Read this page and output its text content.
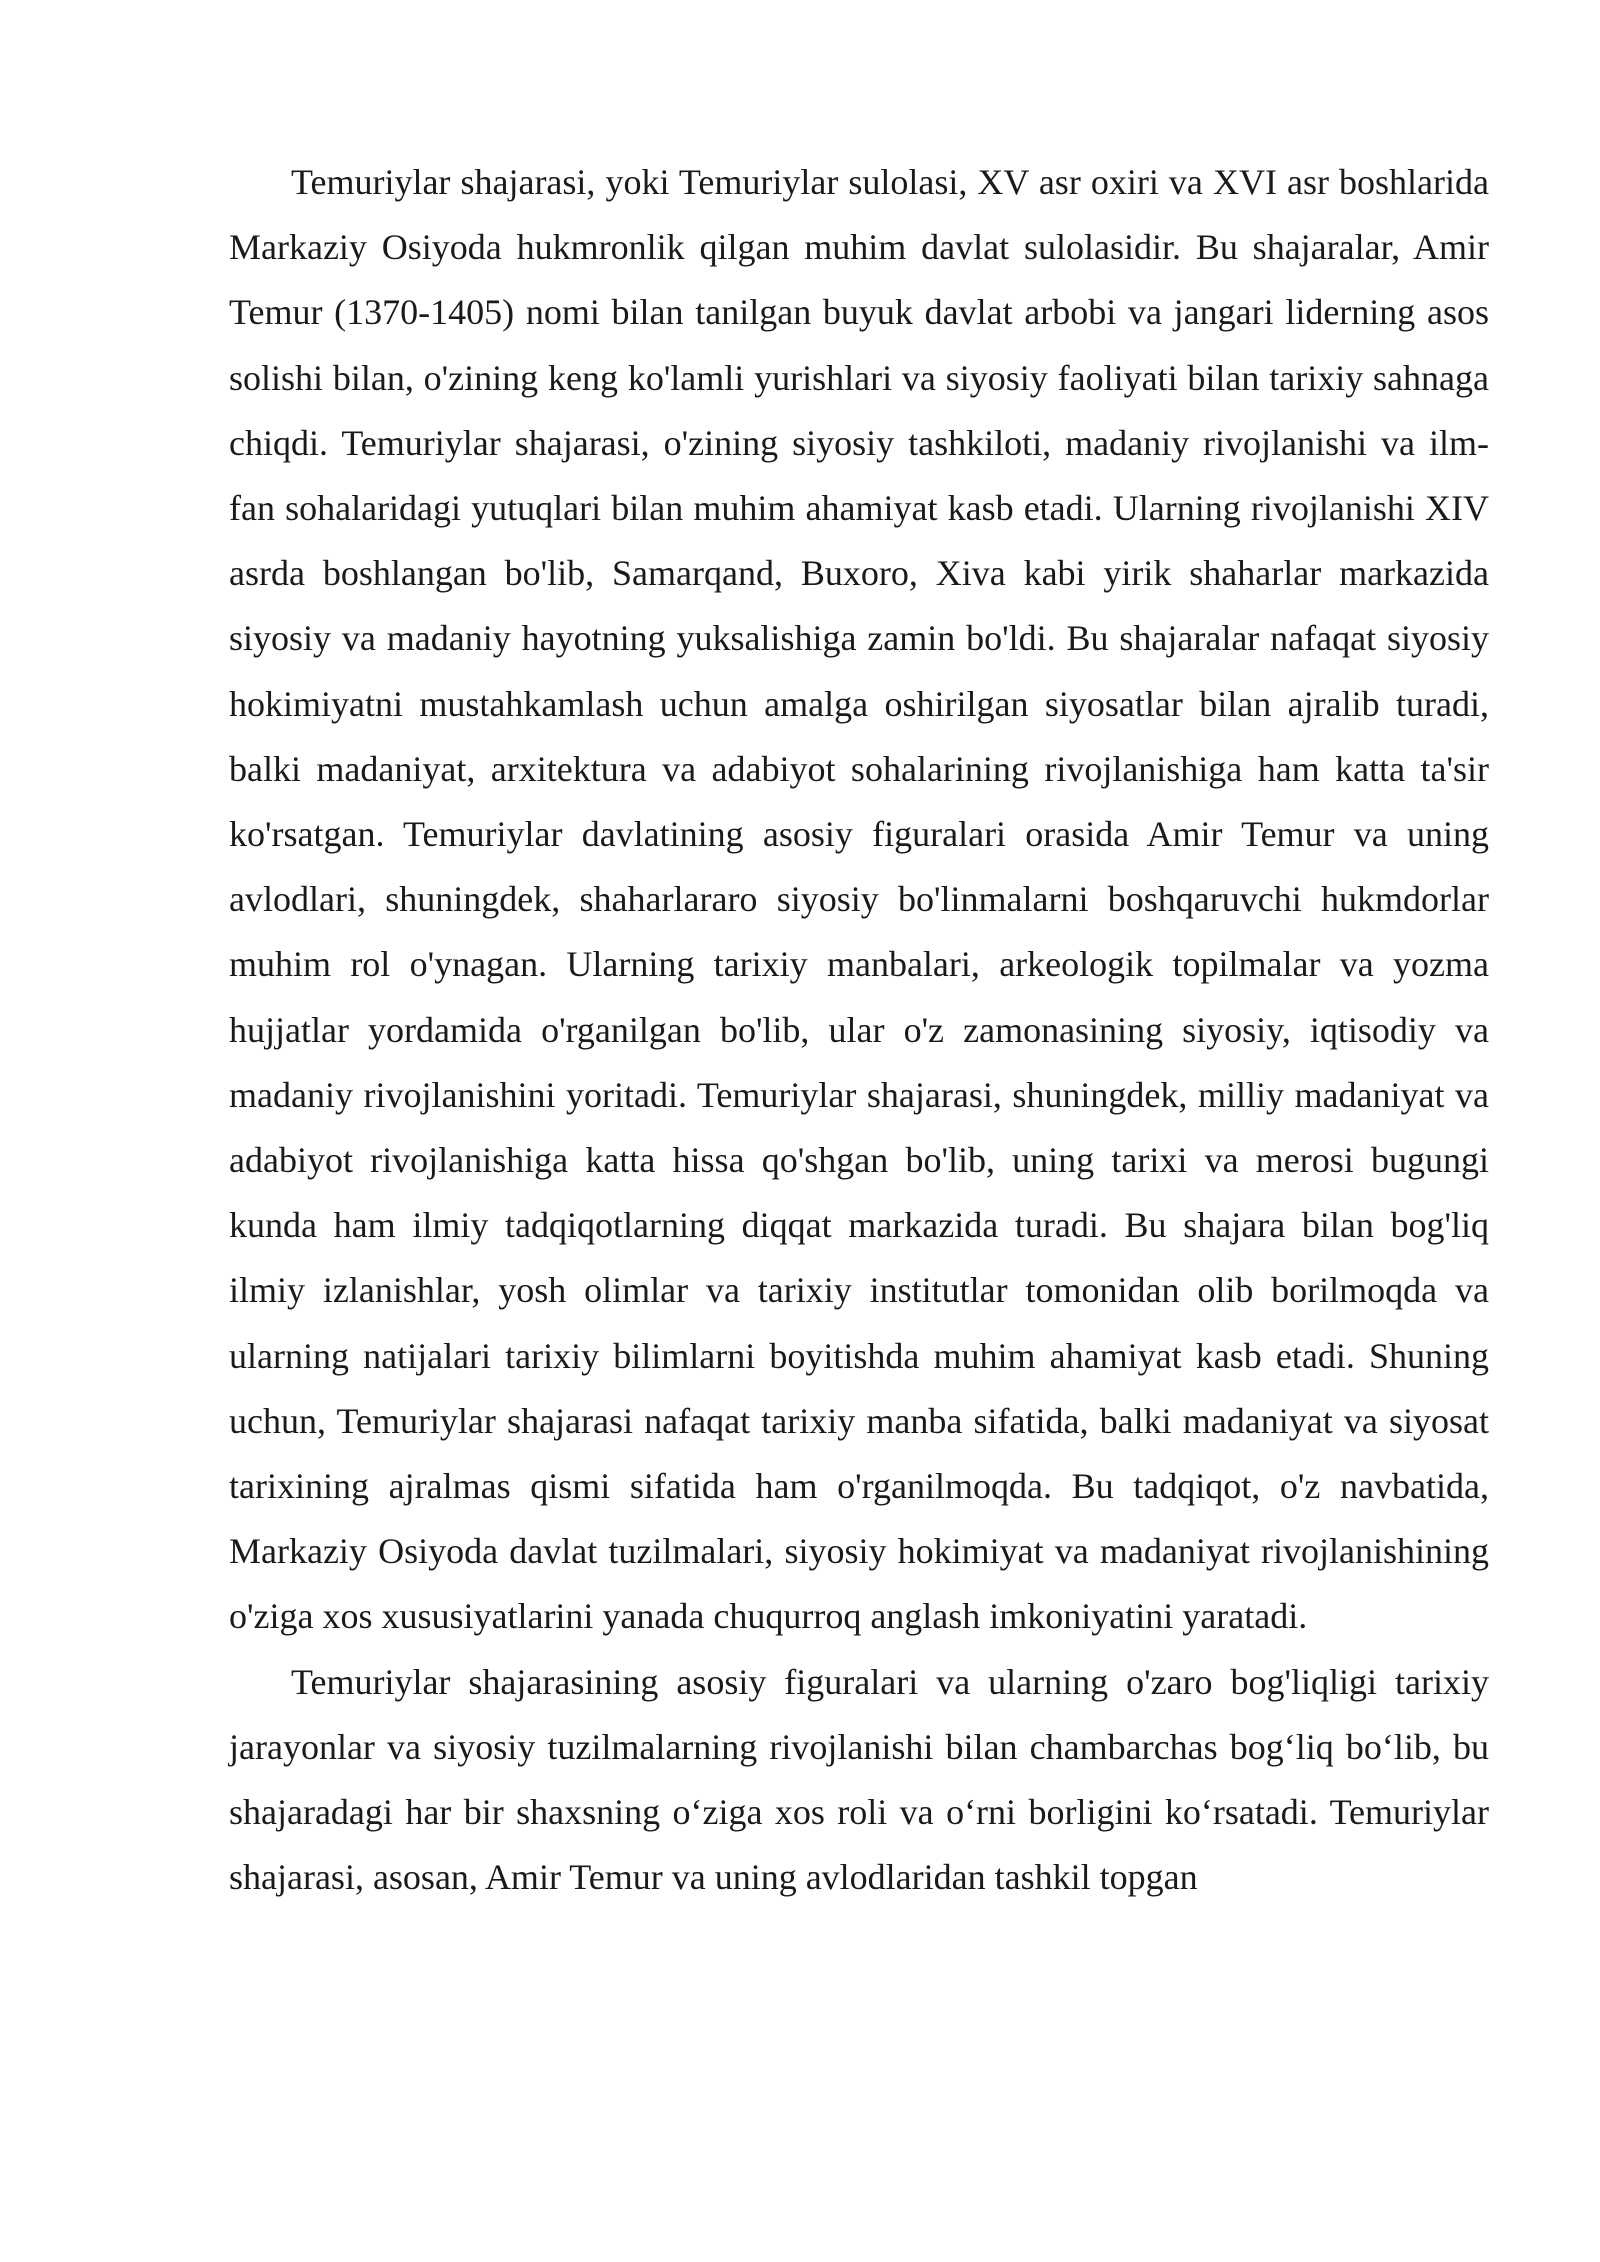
Temuriylar shajarasi, yoki Temuriylar sulolasi, XV asr oxiri va XVI asr boshlarida Markaziy Osiyoda hukmronlik qilgan muhim davlat sulolasidir. Bu shajaralar, Amir Temur (1370-1405) nomi bilan tanilgan buyuk davlat arbobi va jangari liderning asos solishi bilan, o'zining keng ko'lamli yurishlari va siyosiy faoliyati bilan tarixiy sahnaga chiqdi. Temuriylar shajarasi, o'zining siyosiy tashkiloti, madaniy rivojlanishi va ilm-fan sohalaridagi yutuqlari bilan muhim ahamiyat kasb etadi. Ularning rivojlanishi XIV asrda boshlangan bo'lib, Samarqand, Buxoro, Xiva kabi yirik shaharlar markazida siyosiy va madaniy hayotning yuksalishiga zamin bo'ldi. Bu shajaralar nafaqat siyosiy hokimiyatni mustahkamlash uchun amalga oshirilgan siyosatlar bilan ajralib turadi, balki madaniyat, arxitektura va adabiyot sohalarining rivojlanishiga ham katta ta'sir ko'rsatgan. Temuriylar davlatining asosiy figuralari orasida Amir Temur va uning avlodlari, shuningdek, shaharlararo siyosiy bo'linmalarni boshqaruvchi hukmdorlar muhim rol o'ynagan. Ularning tarixiy manbalari, arkeologik topilmalar va yozma hujjatlar yordamida o'rganilgan bo'lib, ular o'z zamonasining siyosiy, iqtisodiy va madaniy rivojlanishini yoritadi. Temuriylar shajarasi, shuningdek, milliy madaniyat va adabiyot rivojlanishiga katta hissa qo'shgan bo'lib, uning tarixi va merosi bugungi kunda ham ilmiy tadqiqotlarning diqqat markazida turadi. Bu shajara bilan bog'liq ilmiy izlanishlar, yosh olimlar va tarixiy institutlar tomonidan olib borilmoqda va ularning natijalari tarixiy bilimlarni boyitishda muhim ahamiyat kasb etadi. Shuning uchun, Temuriylar shajarasi nafaqat tarixiy manba sifatida, balki madaniyat va siyosat tarixining ajralmas qismi sifatida ham o'rganilmoqda. Bu tadqiqot, o'z navbatida, Markaziy Osiyoda davlat tuzilmalari, siyosiy hokimiyat va madaniyat rivojlanishining o'ziga xos xususiyatlarini yanada chuqurroq anglash imkoniyatini yaratadi.

Temuriylar shajarasining asosiy figuralari va ularning o'zaro bog'liqligi tarixiy jarayonlar va siyosiy tuzilmalarning rivojlanishi bilan chambarchas bog‘liq bo‘lib, bu shajaradagi har bir shaxsning o‘ziga xos roli va o‘rni borligini ko‘rsatadi. Temuriylar shajarasi, asosan, Amir Temur va uning avlodlaridan tashkil topgan
